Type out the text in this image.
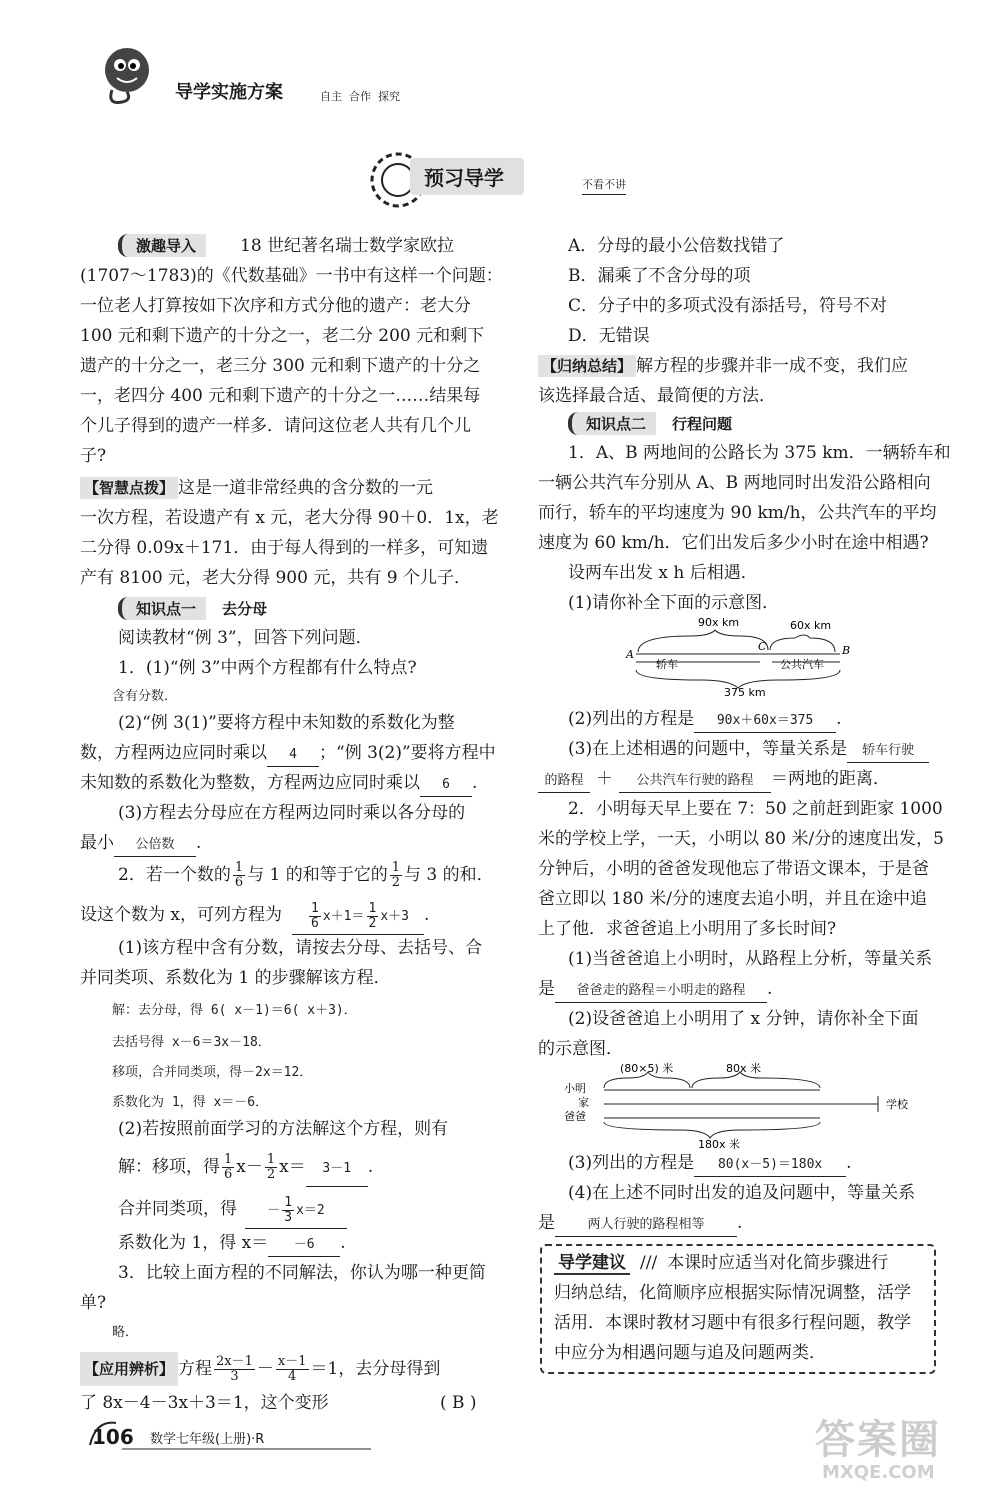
导学实施方案	自主  合作  探究
预习导学	不看不讲
激趣导入	18 世纪著名瑞士数学家欧拉
(1707～1783)的《代数基础》一书中有这样一个问题：
一位老人打算按如下次序和方式分他的遗产：老大分
100 元和剩下遗产的十分之一，老二分 200 元和剩下
遗产的十分之一，老三分 300 元和剩下遗产的十分之
一，老四分 400 元和剩下遗产的十分之一……结果每
个儿子得到的遗产一样多．请问这位老人共有几个儿
子?
【智慧点拨】 这是一道非常经典的含分数的一元
一次方程，若设遗产有 x 元，老大分得 90＋0．1x，老
二分得 0.09x＋171．由于每人得到的一样多，可知遗
产有 8100 元，老大分得 900 元，共有 9 个儿子．
知识点一 去分母
阅读教材“例 3”，回答下列问题．
1．(1)“例 3”中两个方程都有什么特点?
含有分数．
(2)“例 3(1)”要将方程中未知数的系数化为整
数，方程两边应同时乘以 4 ；“例 3(2)”要将方程中
未知数的系数化为整数，方程两边应同时乘以 6 .
(3)方程去分母应在方程两边同时乘以各分母的
最小 公倍数 .
2．若一个数的 $\frac{1}{6}$ 与 1 的和等于它的 $\frac{1}{2}$ 与 3 的和．
设这个数为 x，可列方程为 $\frac{1}{6} x+1= \frac{1}{2} x+3$ .
(1)该方程中含有分数，请按去分母、去括号、合
并同类项、系数化为 1 的步骤解该方程．
解：去分母，得 6( x－1)＝6( x＋3)．
去括号得 x－6＝3x－18．
移项，合并同类项，得－2x＝12．
系数化为 1，得 x＝－6．
(2)若按照前面学习的方法解这个方程，则有
解：移项，得 $\frac{1}{6} x- \frac{1}{2} x= 3-1$ .
合并同类项，得 － $\frac{1}{3} x=2$
系数化为 1，得 x＝ －6 .
3．比较上面方程的不同解法，你认为哪一种更简
单?
略．
【应用辨析】 方程 $\frac{2x-1}{3} - \frac{x-1}{4} =1$，去分母得到
了 8x－4－3x＋3＝1，这个变形	( B )
A．分母的最小公倍数找错了
B．漏乘了不含分母的项
C．分子中的多项式没有添括号，符号不对
D．无错误
【归纳总结】 解方程的步骤并非一成不变，我们应
该选择最合适、最简便的方法．
知识点二 行程问题
1．A、B 两地间的公路长为 375 km．一辆轿车和
一辆公共汽车分别从 A、B 两地同时出发沿公路相向
而行，轿车的平均速度为 90 km/h，公共汽车的平均
速度为 60 km/h．它们出发后多少小时在途中相遇?
设两车出发 x h 后相遇．
(1)请你补全下面的示意图．
90x km	60x km
A
C	B
轿车	公共汽车
375 km
(2)列出的方程是 90x＋60x＝375 .
(3)在上述相遇的问题中，等量关系是 轿车行驶
的路程 ＋ 公共汽车行驶的路程 ＝两地的距离．
2．小明每天早上要在 7：50 之前赶到距家 1000
米的学校上学，一天，小明以 80 米/分的速度出发，5
分钟后，小明的爸爸发现他忘了带语文课本，于是爸
爸立即以 180 米/分的速度去追小明，并且在途中追
上了他．求爸爸追上小明用了多长时间?
(1)当爸爸追上小明时，从路程上分析，等量关系
是 爸爸走的路程＝小明走的路程 .
(2)设爸爸追上小明用了 x 分钟，请你补全下面
的示意图．
(80×5) 米	80x 米
小明
家
爸爸
学校
180x 米
(3)列出的方程是 80(x－5)＝180x .
(4)在上述不同时出发的追及问题中，等量关系
是 两人行驶的路程相等 .
导学建议 /// 本课时应适当对化简步骤进行
归纳总结，化简顺序应根据实际情况调整，活学
活用．本课时教材习题中有很多行程问题，教学
中应分为相遇问题与追及问题两类．
106 数学七年级(上册)·R	答案圈
MXQE.COM
